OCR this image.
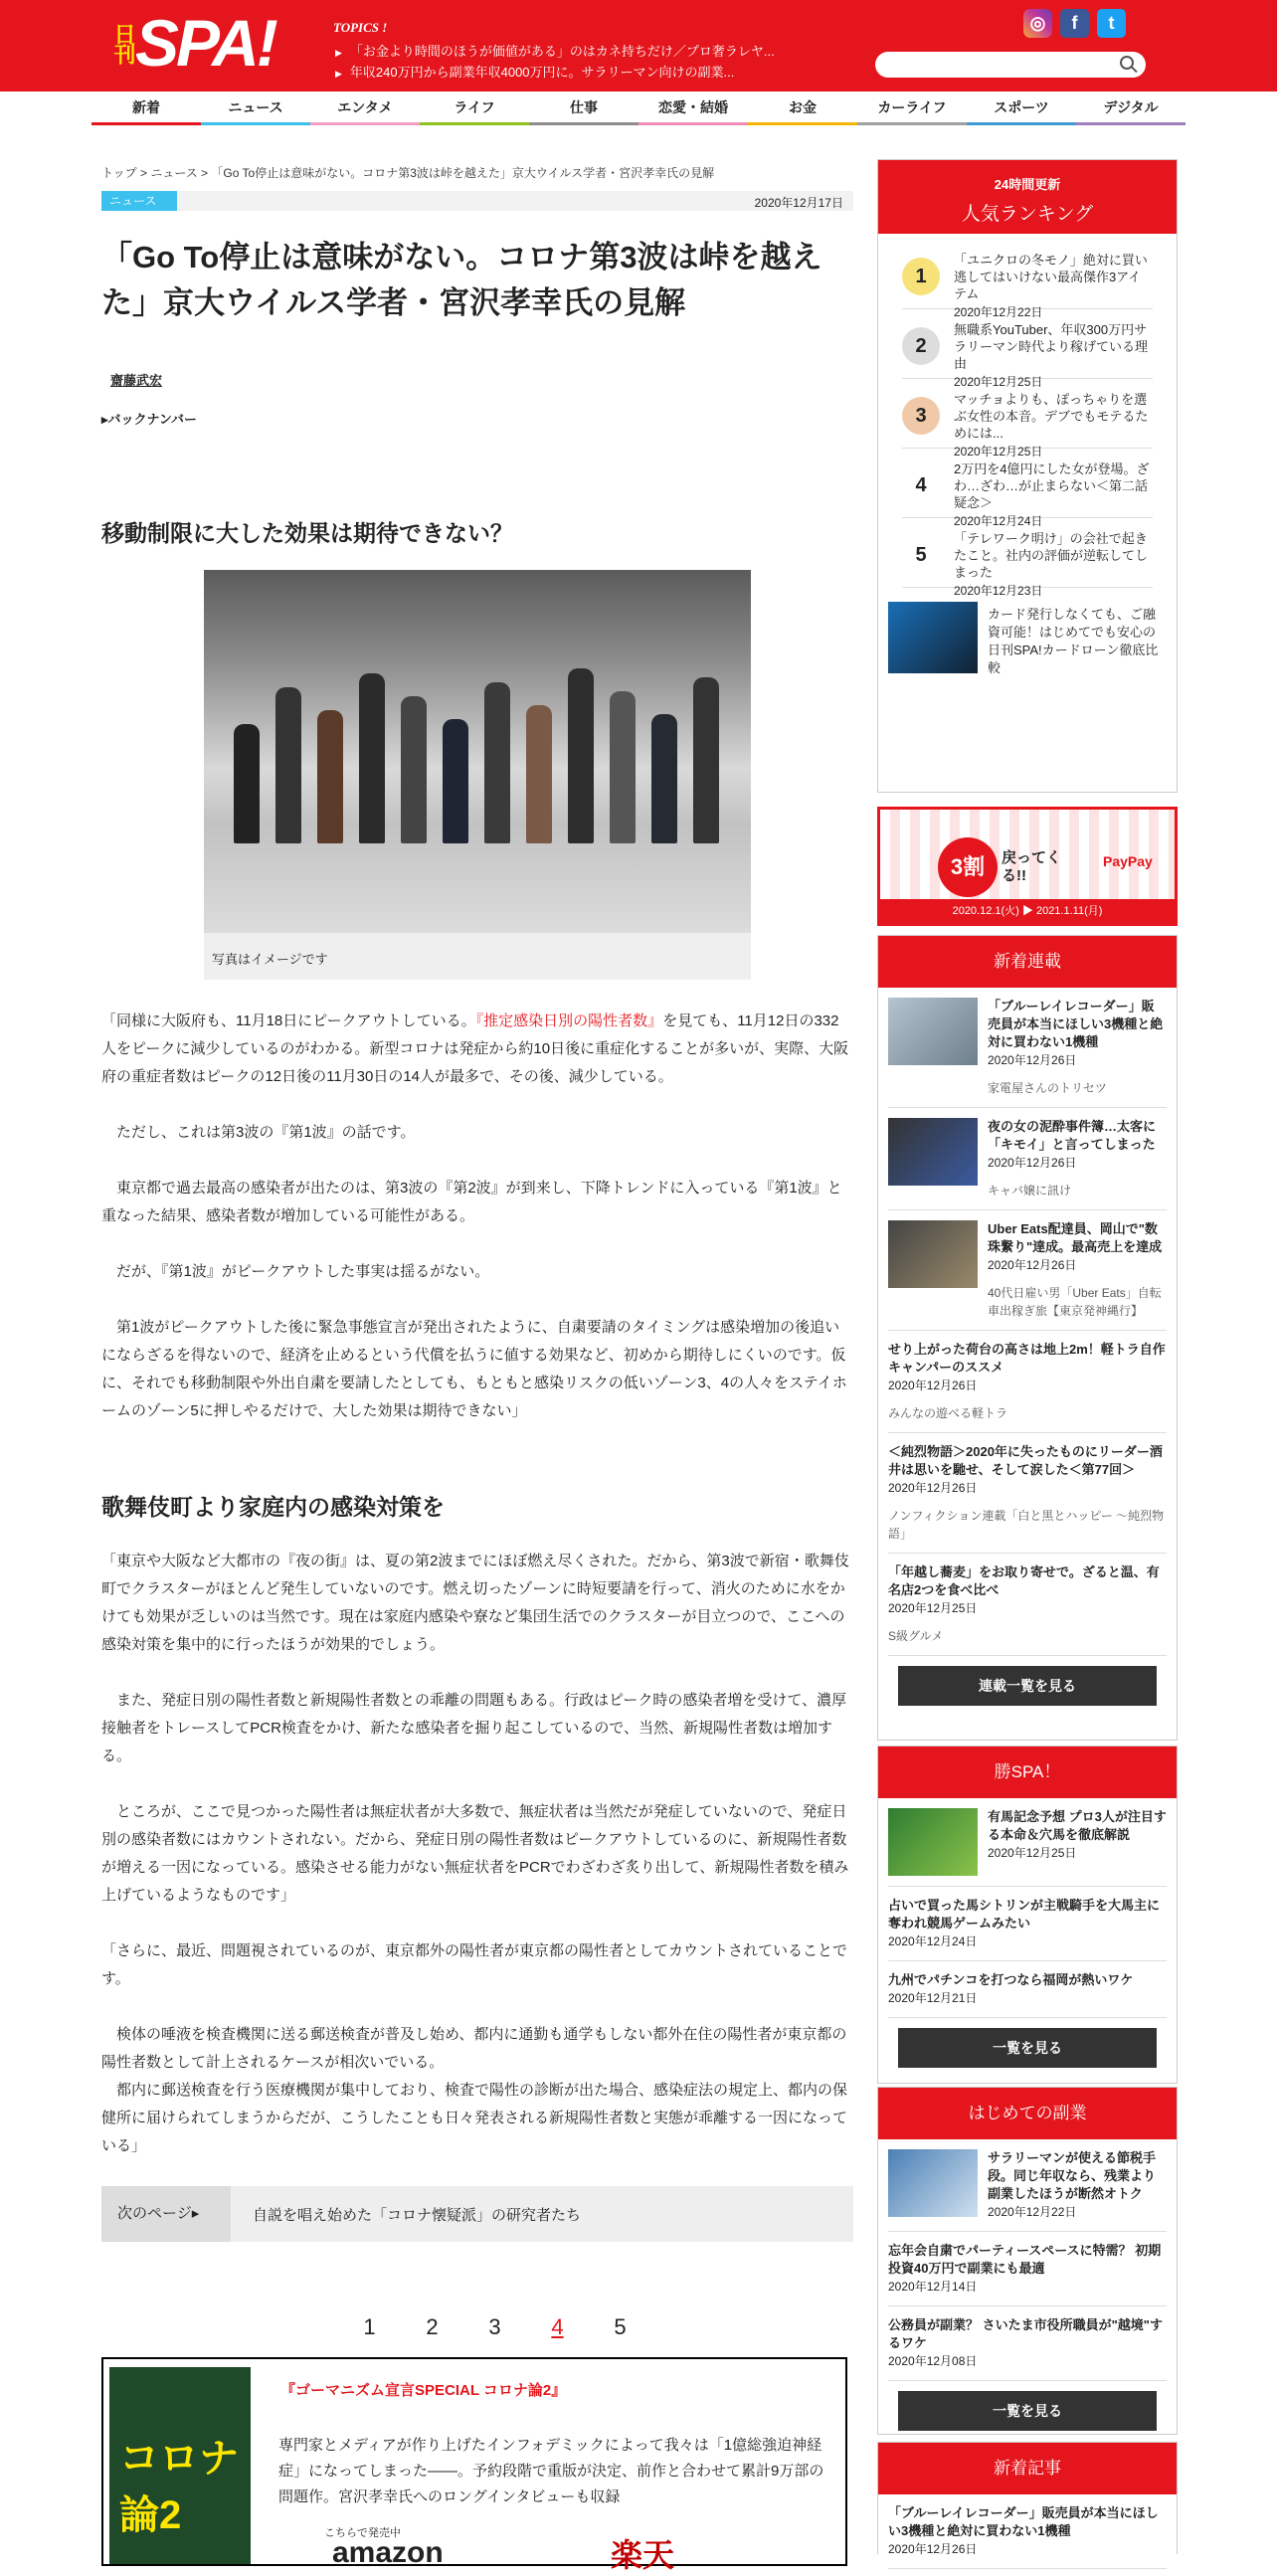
日刊 SPA!	TOPICS !
▶ 「お金より時間のほうが価値がある」のはカネ持ちだけ／プロ奢ラレヤ...
▶ 年収240万円から副業年収4000万円に。サラリーマン向けの副業...
◎	f	t
新着	ニュース	エンタメ	ライフ	仕事	恋愛・結婚	お金	カーライフ	スポーツ	デジタル
トップ > ニュース > 「Go To停止は意味がない。コロナ第3波は峠を越えた」京大ウイルス学者・宮沢孝幸氏の見解
ニュース	2020年12月17日
「Go To停止は意味がない。コロナ第3波は峠を越えた」京大ウイルス学者・宮沢孝幸氏の見解
齋藤武宏
▸バックナンバー
移動制限に大した効果は期待できない？
写真はイメージです

「同様に大阪府も、11月18日にピークアウトしている。『推定感染日別の陽性者数』を見ても、11月12日の332人をピークに減少しているのがわかる。新型コロナは発症から約10日後に重症化することが多いが、実際、大阪府の重症者数はピークの12日後の11月30日の14人が最多で、その後、減少している。

　ただし、これは第3波の『第1波』の話です。

　東京都で過去最高の感染者が出たのは、第3波の『第2波』が到来し、下降トレンドに入っている『第1波』と重なった結果、感染者数が増加している可能性がある。

　だが、『第1波』がピークアウトした事実は揺るがない。

　第1波がピークアウトした後に緊急事態宣言が発出されたように、自粛要請のタイミングは感染増加の後追いにならざるを得ないので、経済を止めるという代償を払うに値する効果など、初めから期待しにくいのです。仮に、それでも移動制限や外出自粛を要請したとしても、もともと感染リスクの低いゾーン3、4の人々をステイホームのゾーン5に押しやるだけで、大した効果は期待できない」

歌舞伎町より家庭内の感染対策を

「東京や大阪など大都市の『夜の街』は、夏の第2波までにほぼ燃え尽くされた。だから、第3波で新宿・歌舞伎町でクラスターがほとんど発生していないのです。燃え切ったゾーンに時短要請を行って、消火のために水をかけても効果が乏しいのは当然です。現在は家庭内感染や寮など集団生活でのクラスターが目立つので、ここへの感染対策を集中的に行ったほうが効果的でしょう。

　また、発症日別の陽性者数と新規陽性者数との乖離の問題もある。行政はピーク時の感染者増を受けて、濃厚接触者をトレースしてPCR検査をかけ、新たな感染者を掘り起こしているので、当然、新規陽性者数は増加する。

　ところが、ここで見つかった陽性者は無症状者が大多数で、無症状者は当然だが発症していないので、発症日別の感染者数にはカウントされない。だから、発症日別の陽性者数はピークアウトしているのに、新規陽性者数が増える一因になっている。感染させる能力がない無症状者をPCRでわざわざ炙り出して、新規陽性者数を積み上げているようなものです」

「さらに、最近、問題視されているのが、東京都外の陽性者が東京都の陽性者としてカウントされていることです。

　検体の唾液を検査機関に送る郵送検査が普及し始め、都内に通勤も通学もしない都外在住の陽性者が東京都の陽性者数として計上されるケースが相次いでいる。

　都内に郵送検査を行う医療機関が集中しており、検査で陽性の診断が出た場合、感染症法の規定上、都内の保健所に届けられてしまうからだが、こうしたことも日々発表される新規陽性者数と実態が乖離する一因になっている」

次のページ▸	自説を唱え始めた「コロナ懐疑派」の研究者たち
1	2	3	4	5
コロナ論2
『ゴーマニズム宣言SPECIAL コロナ論2』
専門家とメディアが作り上げたインフォデミックによって我々は「1億総強迫神経症」になってしまった――。予約段階で重版が決定、前作と合わせて累計9万部の問題作。宮沢孝幸氏へのロングインタビューも収録
こちらで発売中
amazon	楽天
24時間更新
人気ランキング
1
「ユニクロの冬モノ」絶対に買い逃してはいけない最高傑作3アイテム
2020年12月22日
2
無職系YouTuber、年収300万円サラリーマン時代より稼げている理由
2020年12月25日
3
マッチョよりも、ぽっちゃりを選ぶ女性の本音。デブでもモテるためには...
2020年12月25日
4
2万円を4億円にした女が登場。ざわ…ざわ…が止まらない＜第二話疑念＞
2020年12月24日
5
「テレワーク明け」の会社で起きたこと。社内の評価が逆転してしまった
2020年12月23日
カード発行しなくても、ご融資可能！はじめてでも安心の日刊SPA!カードローン徹底比較
3割	戻ってくる!!
PayPay
2020.12.1(火) ▶ 2021.1.11(月)
新着連載
「ブルーレイレコーダー」販売員が本当にほしい3機種と絶対に買わない1機種
2020年12月26日
家電屋さんのトリセツ
夜の女の泥酔事件簿…太客に「キモイ」と言ってしまった
2020年12月26日
キャバ嬢に訊け
Uber Eats配達員、岡山で"数珠繋り"達成。最高売上を達成
2020年12月26日
40代日雇い男「Uber Eats」自転車出稼ぎ旅【東京発神縄行】
せり上がった荷台の高さは地上2m！軽トラ自作キャンパーのススメ
2020年12月26日
みんなの遊べる軽トラ
＜純烈物語＞2020年に失ったものにリーダー酒井は思いを馳せ、そして涙した＜第77回＞
2020年12月26日
ノンフィクション連載「白と黒とハッピー ～純烈物語」
「年越し蕎麦」をお取り寄せで。ざると温、有名店2つを食べ比べ
2020年12月25日
S級グルメ
連載一覧を見る
勝SPA！
有馬記念予想 プロ3人が注目する本命＆穴馬を徹底解説
2020年12月25日
占いで買った馬シトリンが主戦騎手を大馬主に奪われ競馬ゲームみたい
2020年12月24日
九州でパチンコを打つなら福岡が熱いワケ
2020年12月21日
一覧を見る
はじめての副業
サラリーマンが使える節税手段。同じ年収なら、残業より副業したほうが断然オトク
2020年12月22日
忘年会自粛でパーティースペースに特需？ 初期投資40万円で副業にも最適
2020年12月14日
公務員が副業？ さいたま市役所職員が"越境"するワケ
2020年12月08日
一覧を見る
新着記事
「ブルーレイレコーダー」販売員が本当にほしい3機種と絶対に買わない1機種
2020年12月26日
